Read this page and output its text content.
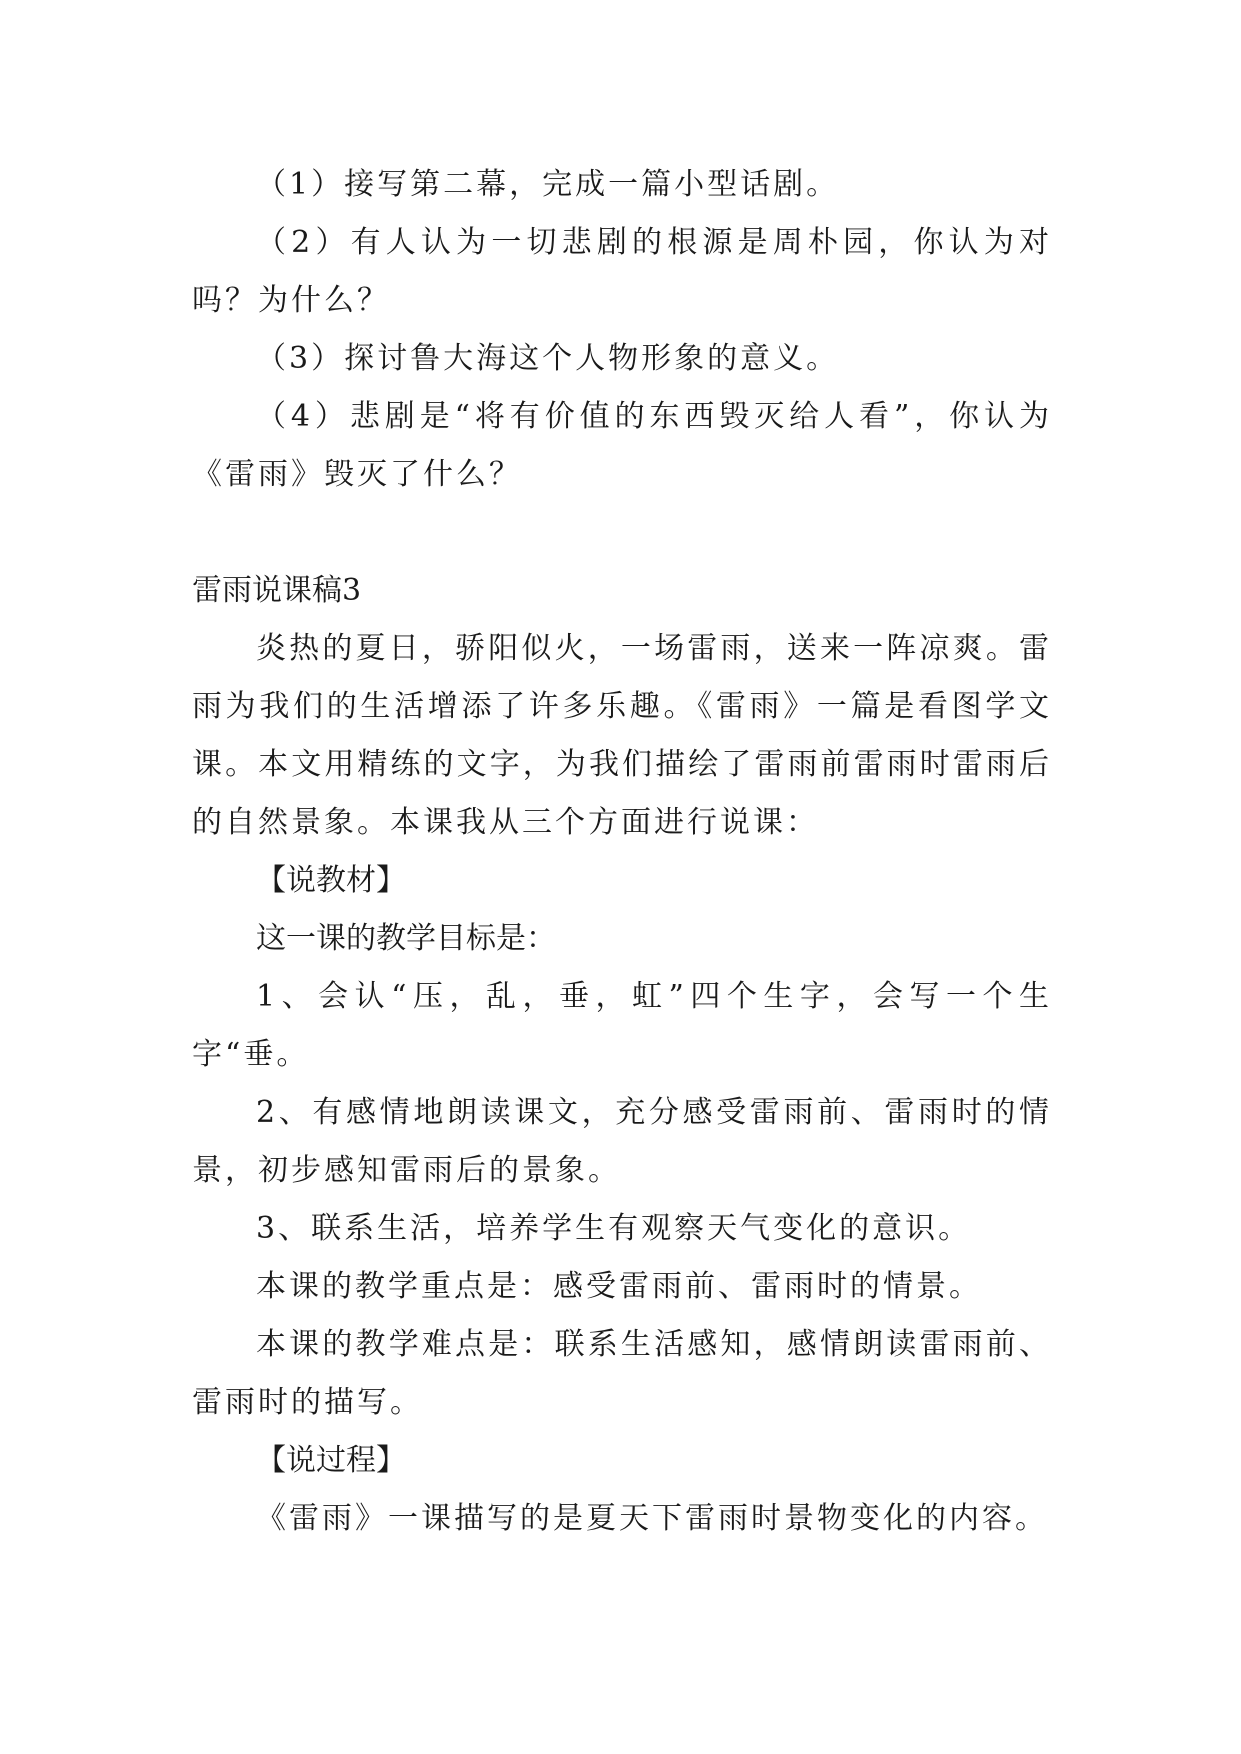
（1）接写第二幕，完成一篇小型话剧。

（2）有人认为一切悲剧的根源是周朴园，你认为对吗？为什么？

（3）探讨鲁大海这个人物形象的意义。

（4）悲剧是“将有价值的东西毁灭给人看”，你认为《雷雨》毁灭了什么？

雷雨说课稿3

炎热的夏日，骄阳似火，一场雷雨，送来一阵凉爽。雷雨为我们的生活增添了许多乐趣。《雷雨》一篇是看图学文课。本文用精练的文字，为我们描绘了雷雨前雷雨时雷雨后的自然景象。本课我从三个方面进行说课：

【说教材】

这一课的教学目标是：

1、会认“压，乱，垂，虹”四个生字，会写一个生字“垂。

2、有感情地朗读课文，充分感受雷雨前、雷雨时的情景，初步感知雷雨后的景象。

3、联系生活，培养学生有观察天气变化的意识。

本课的教学重点是：感受雷雨前、雷雨时的情景。

本课的教学难点是：联系生活感知，感情朗读雷雨前、雷雨时的描写。

【说过程】

《雷雨》一课描写的是夏天下雷雨时景物变化的内容。
